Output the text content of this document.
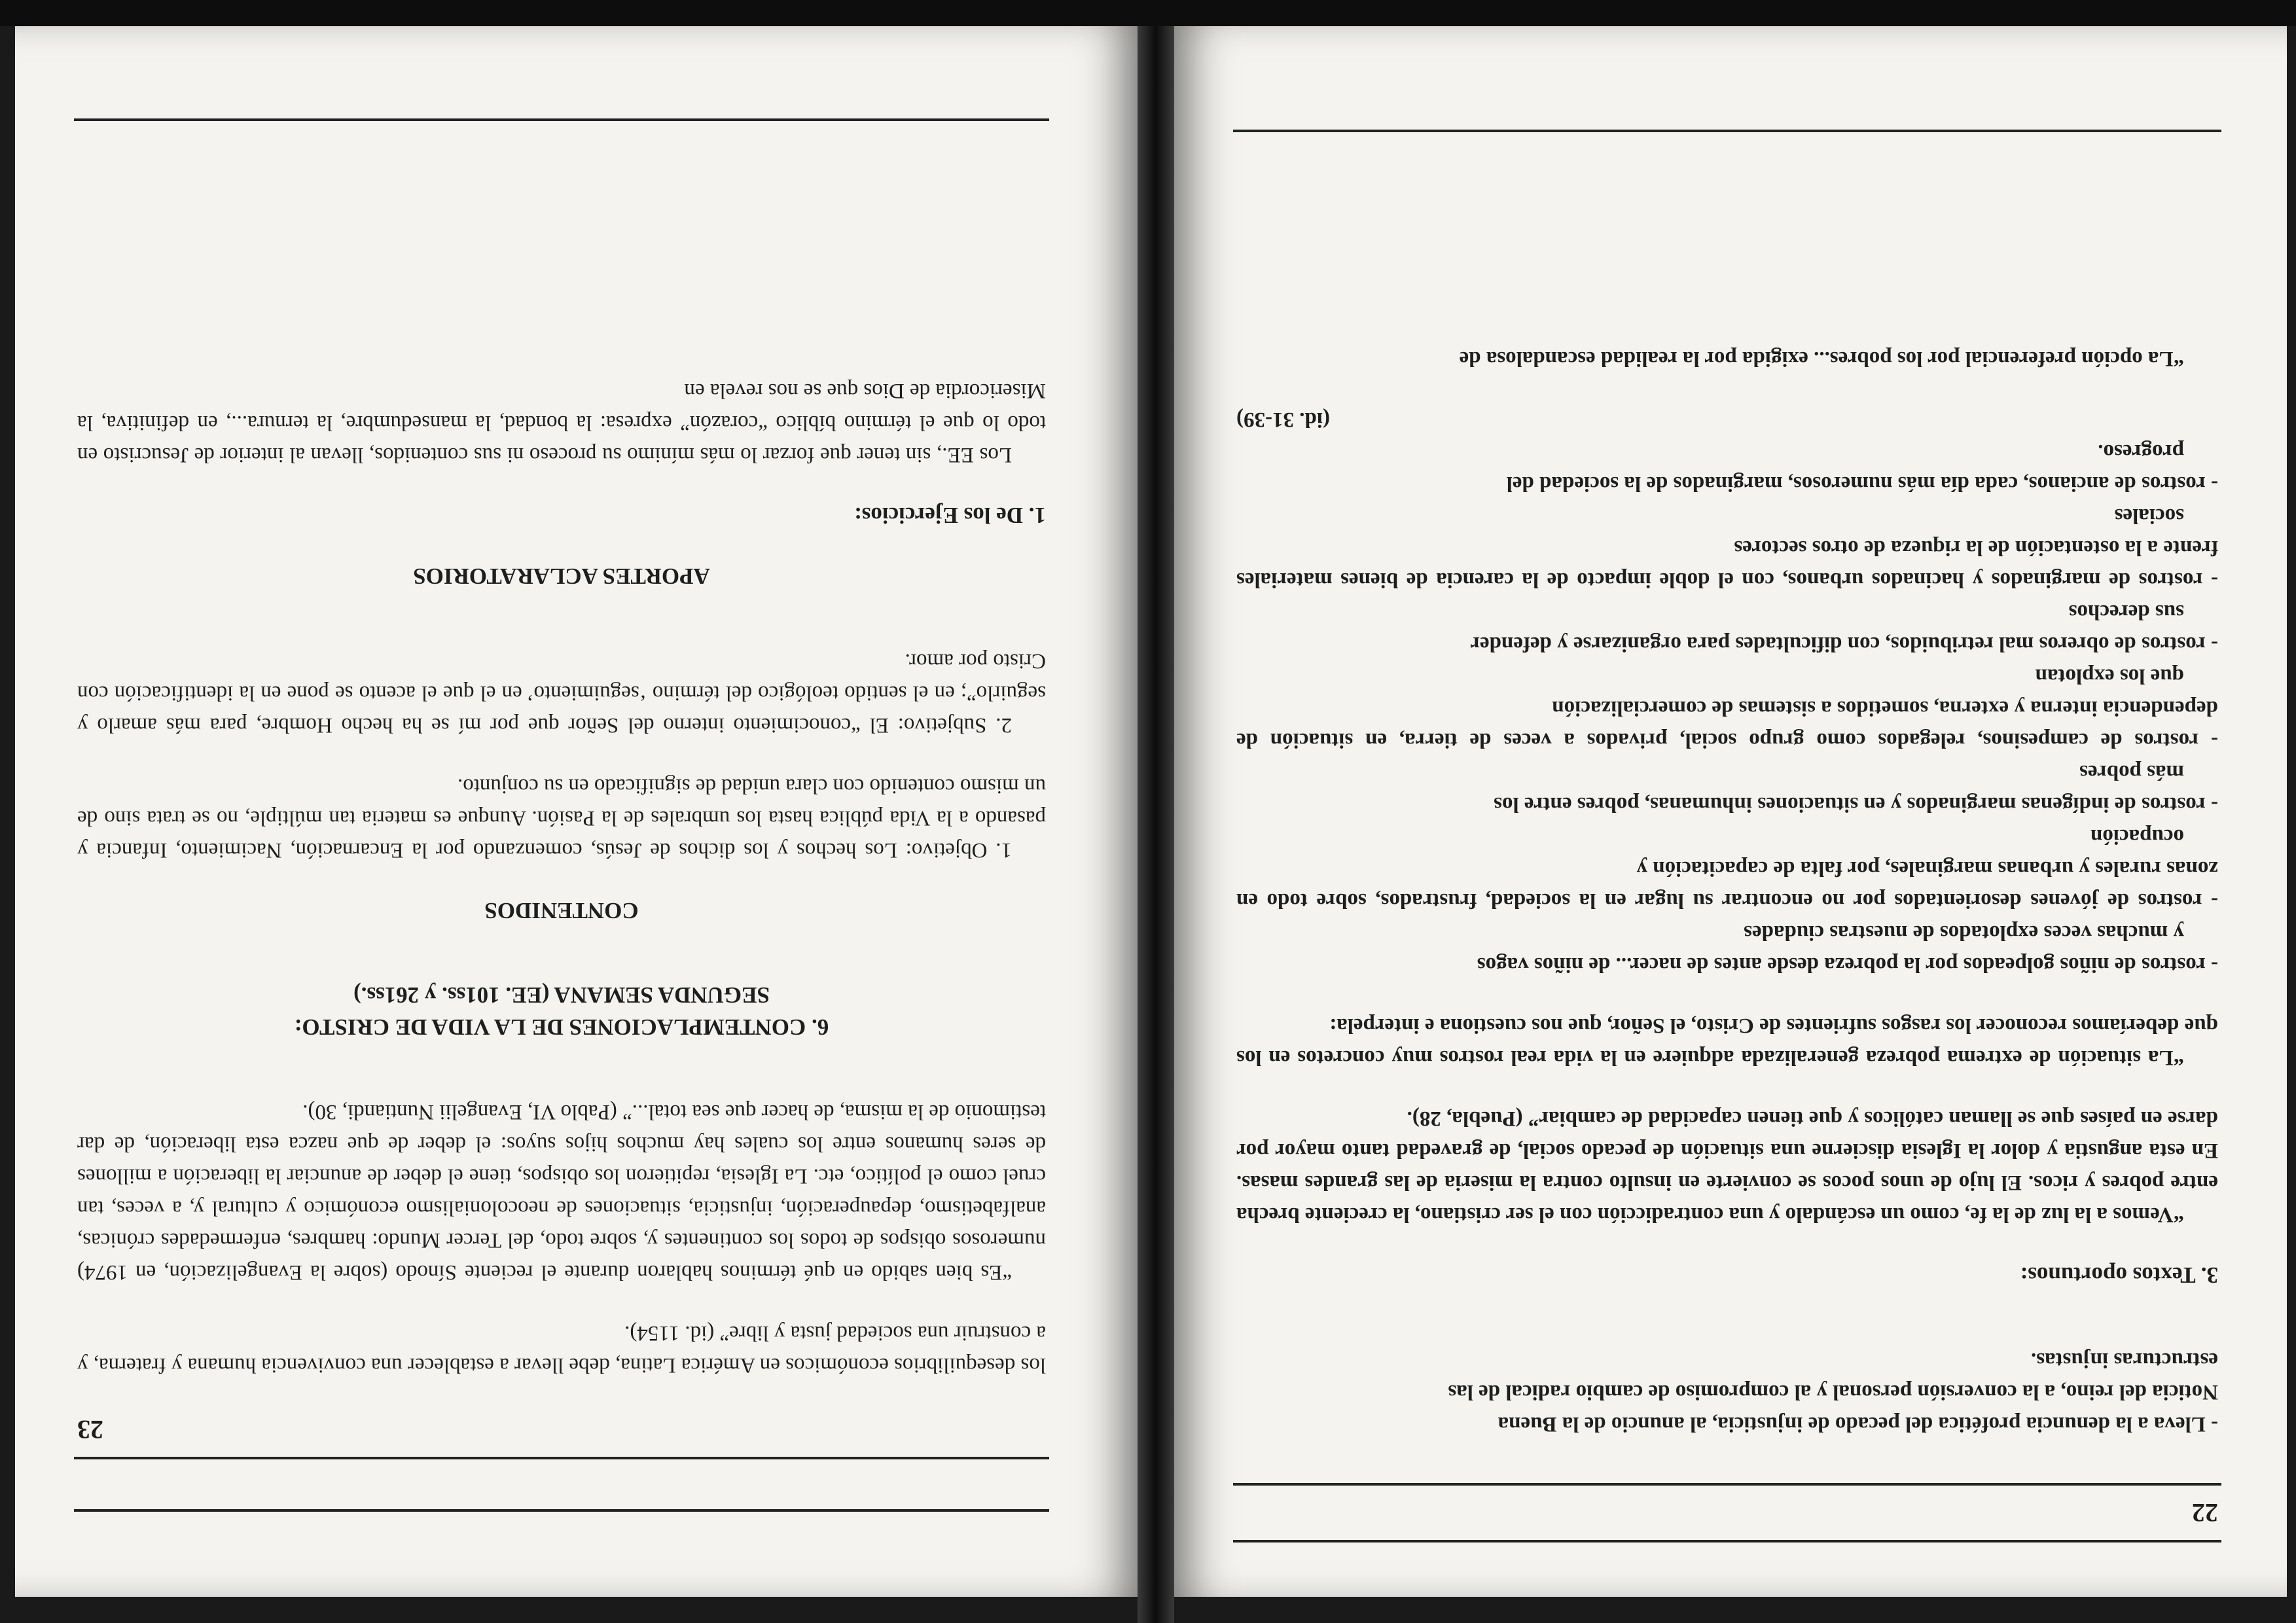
22

- Lleva a la denuncia profética del pecado de injusticia, al anuncio de la Buena

Noticia del reino, a la conversión personal y al compromiso de cambio radical de las

estructuras injustas.

3. Textos oportunos:

“Vemos a la luz de la fe, como un escándalo y una contradicción con el ser cristiano, la creciente brecha entre pobres y ricos. El lujo de unos pocos se convierte en insulto contra la miseria de las grandes masas. En esta angustia y dolor la Iglesia discierne una situación de pecado social, de gravedad tanto mayor por darse en países que se llaman católicos y que tienen capacidad de cambiar” (Puebla, 28).

“La situación de extrema pobreza generalizada adquiere en la vida real rostros muy concretos en los que deberíamos reconocer los rasgos sufrientes de Cristo, el Señor, que nos cuestiona e interpela:

- rostros de niños golpeados por la pobreza desde antes de nacer... de niños vagos

y muchas veces explotados de nuestras ciudades

- rostros de jóvenes desorientados por no encontrar su lugar en la sociedad, frustrados, sobre todo en zonas rurales y urbanas marginales, por falta de capacitación y

ocupación

- rostros de indígenas marginados y en situaciones inhumanas, pobres entre los

más pobres

- rostros de campesinos, relegados como grupo social, privados a veces de tierra, en situación de dependencia interna y externa, sometidos a sistemas de comercialización

que los explotan

- rostros de obreros mal retribuidos, con dificultades para organizarse y defender

sus derechos

- rostros de marginados y hacinados urbanos, con el doble impacto de la carencia de bienes materiales frente a la ostentación de la riqueza de otros sectores

sociales

- rostros de ancianos, cada día más numerosos, marginados de la sociedad del

progreso.

(id. 31-39)

“La opción preferencial por los pobres... exigida por la realidad escandalosa de

23

los desequilibrios económicos en América Latina, debe llevar a establecer una convivencia humana y fraterna, y a construir una sociedad justa y libre” (id. 1154).

“Es bien sabido en qué términos hablaron durante el reciente Sínodo (sobre la Evangelización, en 1974) numerosos obispos de todos los continentes y, sobre todo, del Tercer Mundo: hambres, enfermedades crónicas, analfabetismo, depauperación, injusticia, situaciones de neocolonialismo económico y cultural y, a veces, tan cruel como el político, etc. La Iglesia, repitieron los obispos, tiene el deber de anunciar la liberación a millones de seres humanos entre los cuales hay muchos hijos suyos: el deber de que nazca esta liberación, de dar testimonio de la misma, de hacer que sea total...” (Pablo VI, Evangelii Nuntiandi, 30).

6. CONTEMPLACIONES DE LA VIDA DE CRISTO:

SEGUNDA SEMANA (EE. 101ss. y 261ss.)

CONTENIDOS

1. Objetivo: Los hechos y los dichos de Jesús, comenzando por la Encarnación, Nacimiento, Infancia y pasando a la Vida pública hasta los umbrales de la Pasión. Aunque es materia tan múltiple, no se trata sino de un mismo contenido con clara unidad de significado en su conjunto.

2. Subjetivo: El “conocimiento interno del Señor que por mí se ha hecho Hombre, para más amarlo y seguirlo”; en el sentido teológico del término ‘seguimiento’ en el que el acento se pone en la identificación con Cristo por amor.

APORTES ACLARATORIOS

1. De los Ejercicios:

Los EE., sin tener que forzar lo más mínimo su proceso ni sus contenidos, llevan al interior de Jesucristo en todo lo que el término bíblico “corazón” expresa: la bondad, la mansedumbre, la ternura..., en definitiva, la Misericordia de Dios que se nos revela en
